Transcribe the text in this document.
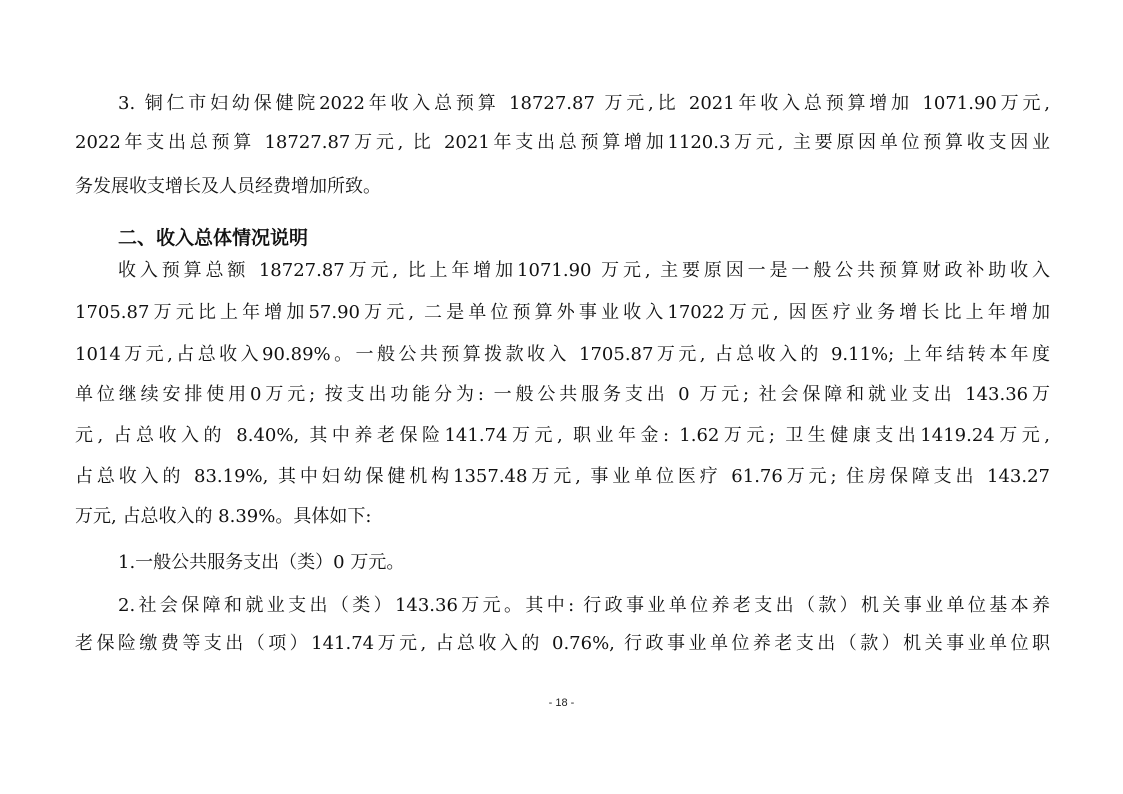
3. 铜仁市妇幼保健院2022年收入总预算 18727.87 万元,比 2021年收入总预算增加 1071.90万元,
2022年支出总预算 18727.87万元, 比 2021年支出总预算增加1120.3万元, 主要原因单位预算收支因业
务发展收支增长及人员经费增加所致。
二、收入总体情况说明
收入预算总额 18727.87万元, 比上年增加1071.90 万元, 主要原因一是一般公共预算财政补助收入
1705.87万元比上年增加57.90万元, 二是单位预算外事业收入17022万元, 因医疗业务增长比上年增加
1014万元,占总收入90.89%。一般公共预算拨款收入 1705.87万元, 占总收入的 9.11%; 上年结转本年度
单位继续安排使用0万元; 按支出功能分为: 一般公共服务支出 0 万元; 社会保障和就业支出 143.36万
元, 占总收入的 8.40%, 其中养老保险141.74万元, 职业年金: 1.62万元; 卫生健康支出1419.24万元,
占总收入的 83.19%, 其中妇幼保健机构1357.48万元, 事业单位医疗 61.76万元; 住房保障支出 143.27
万元, 占总收入的 8.39%。具体如下:
1.一般公共服务支出（类）0 万元。
2.社会保障和就业支出（类）143.36万元。其中: 行政事业单位养老支出（款）机关事业单位基本养
老保险缴费等支出（项）141.74万元, 占总收入的 0.76%, 行政事业单位养老支出（款）机关事业单位职
- 18 -
